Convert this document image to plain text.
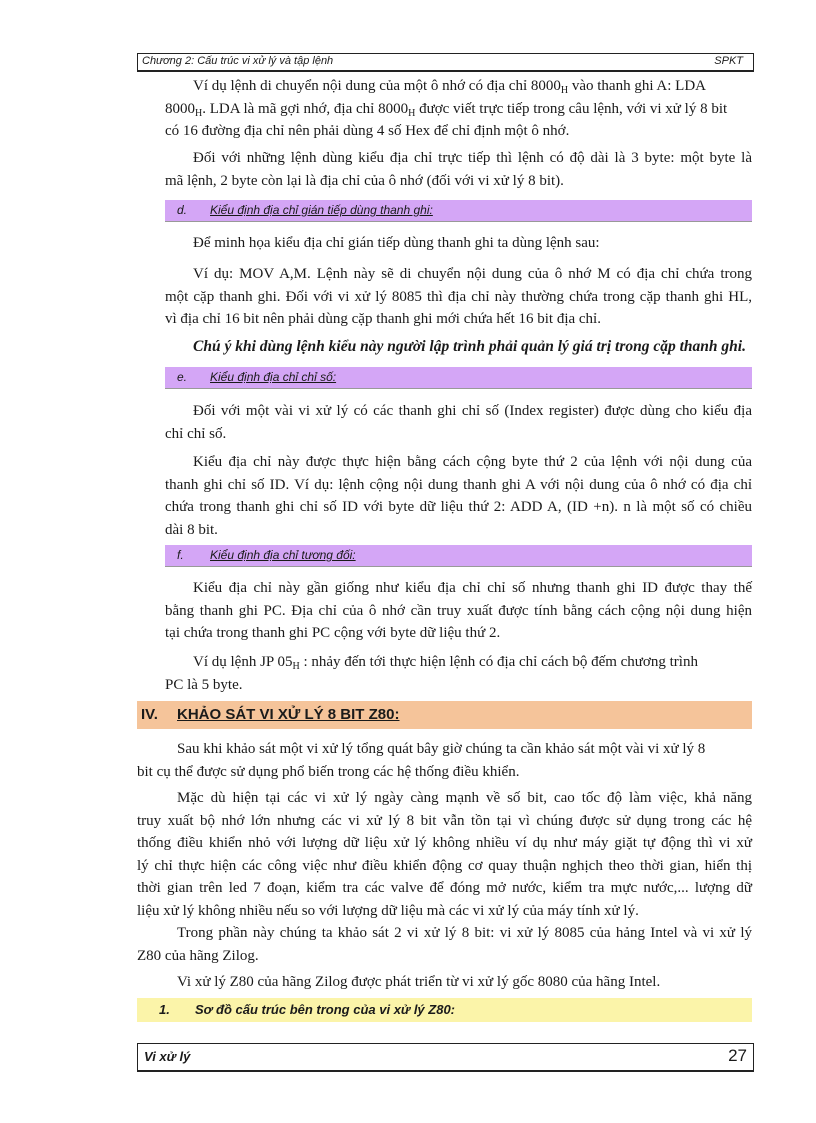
Chương 2: Cấu trúc vi xử lý và tập lệnh	SPKT
Ví dụ lệnh di chuyển nội dung của một ô nhớ có địa chỉ $8000_H$ vào thanh ghi A: LDA
$8000_H$. LDA là mã gợi nhớ, địa chỉ $8000_H$ được viết trực tiếp trong câu lệnh, với vi xử lý 8 bit
có 16 đường địa chỉ nên phải dùng 4 số Hex để chỉ định một ô nhớ.
Đối với những lệnh dùng kiểu địa chỉ trực tiếp thì lệnh có độ dài là 3 byte: một byte là
mã lệnh, 2 byte còn lại là địa chỉ của ô nhớ (đối với vi xử lý 8 bit).
d. Kiểu định địa chỉ gián tiếp dùng thanh ghi:
Để minh họa kiểu địa chỉ gián tiếp dùng thanh ghi ta dùng lệnh sau:
Ví dụ: MOV A,M. Lệnh này sẽ di chuyển nội dung của ô nhớ M có địa chỉ chứa trong
một cặp thanh ghi. Đối với vi xử lý 8085 thì địa chỉ này thường chứa trong cặp thanh ghi HL,
vì địa chỉ 16 bit nên phải dùng cặp thanh ghi mới chứa hết 16 bit địa chỉ.
Chú ý khi dùng lệnh kiểu này người lập trình phải quản lý giá trị trong cặp thanh ghi.
e. Kiểu định địa chỉ chỉ số:
Đối với một vài vi xử lý có các thanh ghi chỉ số (Index register) được dùng cho kiểu địa
chỉ chỉ số.
Kiểu địa chỉ này được thực hiện bằng cách cộng byte thứ 2 của lệnh với nội dung của
thanh ghi chỉ số ID. Ví dụ: lệnh cộng nội dung thanh ghi A với nội dung của ô nhớ có địa chỉ
chứa trong thanh ghi chỉ số ID với byte dữ liệu thứ 2: ADD A, (ID +n). n là một số có chiều
dài 8 bit.
f. Kiểu định địa chỉ tương đối:
Kiểu địa chỉ này gần giống như kiểu địa chỉ chỉ số nhưng thanh ghi ID được thay thế
bằng thanh ghi PC. Địa chỉ của ô nhớ cần truy xuất được tính bằng cách cộng nội dung hiện
tại chứa trong thanh ghi PC cộng với byte dữ liệu thứ 2.
Ví dụ lệnh JP $05_H$ : nhảy đến tới thực hiện lệnh có địa chỉ cách bộ đếm chương trình
PC là 5 byte.
IV. KHẢO SÁT VI XỬ LÝ 8 BIT Z80:
Sau khi khảo sát một vi xử lý tổng quát bây giờ chúng ta cần khảo sát một vài vi xử lý 8
bit cụ thể được sử dụng phổ biến trong các hệ thống điều khiển.
Mặc dù hiện tại các vi xử lý ngày càng mạnh về số bit, cao tốc độ làm việc, khả năng
truy xuất bộ nhớ lớn nhưng các vi xử lý 8 bit vẫn tồn tại vì chúng được sử dụng trong các hệ
thống điều khiển nhỏ với lượng dữ liệu xử lý không nhiều ví dụ như máy giặt tự động thì vi xử
lý chỉ thực hiện các công việc như điều khiển động cơ quay thuận nghịch theo thời gian, hiển thị
thời gian trên led 7 đoạn, kiểm tra các valve để đóng mở nước, kiểm tra mực nước,... lượng dữ
liệu xử lý không nhiều nếu so với lượng dữ liệu mà các vi xử lý của máy tính xử lý.
Trong phần này chúng ta khảo sát 2 vi xử lý 8 bit: vi xử lý 8085 của hảng Intel và vi xử lý
Z80 của hãng Zilog.
Vi xử lý Z80 của hãng Zilog được phát triển từ vi xử lý gốc 8080 của hãng Intel.
1. Sơ đồ cấu trúc bên trong của vi xử lý Z80:
Vi xử lý	27
